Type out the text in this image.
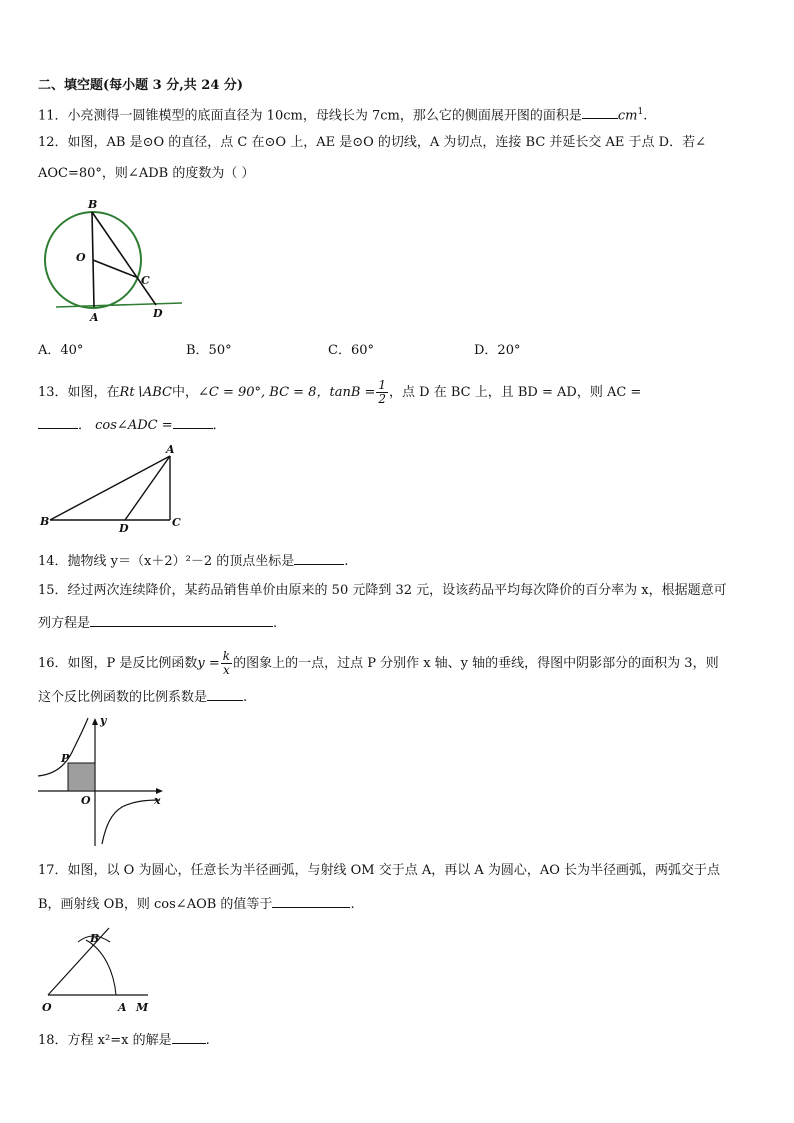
二、填空题(每小题 3 分,共 24 分)
11．小亮测得一圆锥模型的底面直径为 10cm，母线长为 7cm，那么它的侧面展开图的面积是	$cm^1$.
12．如图，AB 是⊙O 的直径，点 C 在⊙O 上，AE 是⊙O 的切线，A 为切点，连接 BC 并延长交 AE 于点 D．若∠
AOC=80°，则∠ADB 的度数为（ ）
B
O
C
A	D
A．40°	B．50°	C．60°	D．20°
13．如图，在Rt∖ABC中，∠C = 90°, BC = 8，$\tan B = \frac{1}{2}$ ，点 D 在 BC 上，且 BD = AD，则 AC =
． cos∠ADC =	．
A
B
D	C
14．抛物线 y＝（x＋2）²－2 的顶点坐标是	.
15．经过两次连续降价，某药品销售单价由原来的 50 元降到 32 元，设该药品平均每次降价的百分率为 x，根据题意可
列方程是	.
16．如图，P 是反比例函数$y = \frac{k}{x}$ 的图象上的一点，过点 P 分别作 x 轴、y 轴的垂线，得图中阴影部分的面积为 3，则
这个反比例函数的比例系数是	.
y
P
O	x
17．如图，以 O 为圆心，任意长为半径画弧，与射线 OM 交于点 A，再以 A 为圆心，AO 长为半径画弧，两弧交于点
B，画射线 OB，则 cos∠AOB 的值等于	.
B
O	A M
18．方程 x²=x 的解是	.
